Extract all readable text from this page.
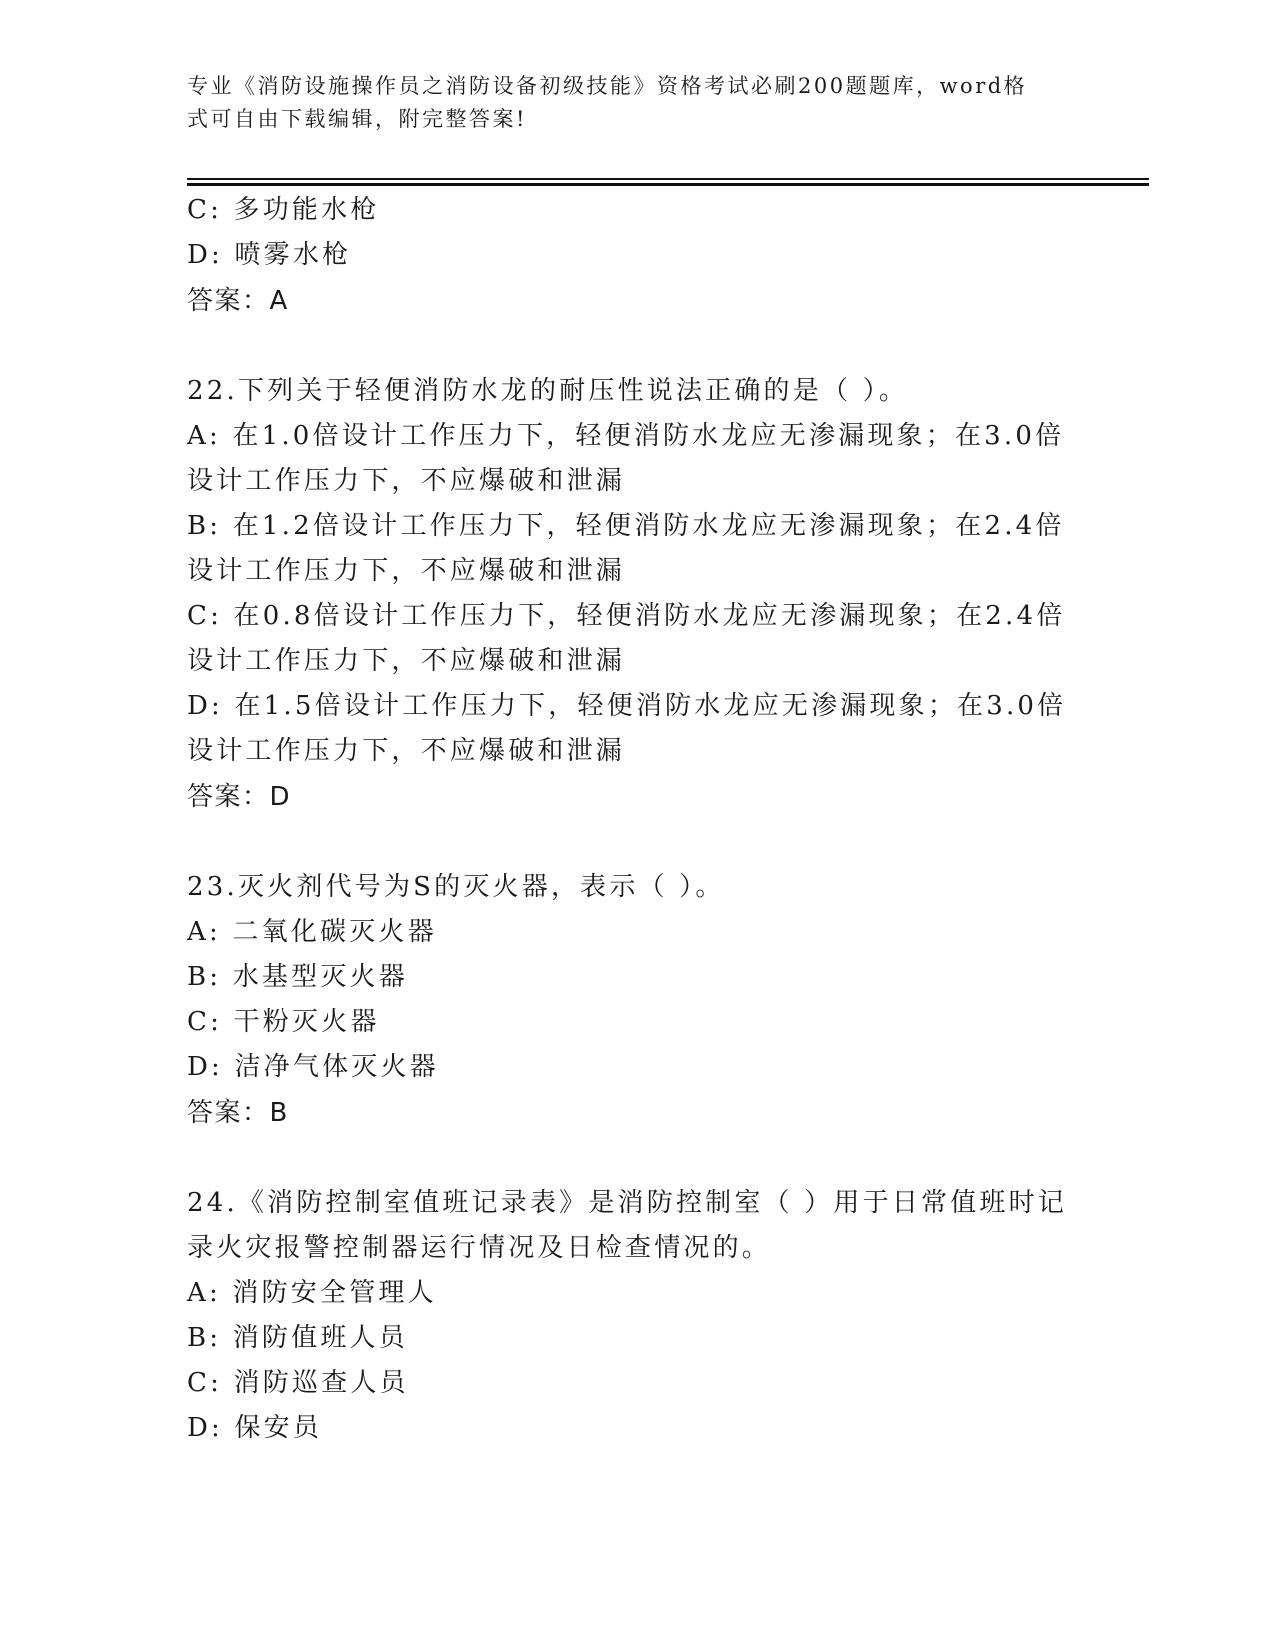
专业《消防设施操作员之消防设备初级技能》资格考试必刷200题题库，word格
式可自由下载编辑，附完整答案!
C: 多功能水枪
D: 喷雾水枪
答案：A
22.下列关于轻便消防水龙的耐压性说法正确的是（ ）。
A: 在1.0倍设计工作压力下，轻便消防水龙应无渗漏现象；在3.0倍
设计工作压力下，不应爆破和泄漏
B: 在1.2倍设计工作压力下，轻便消防水龙应无渗漏现象；在2.4倍
设计工作压力下，不应爆破和泄漏
C: 在0.8倍设计工作压力下，轻便消防水龙应无渗漏现象；在2.4倍
设计工作压力下，不应爆破和泄漏
D: 在1.5倍设计工作压力下，轻便消防水龙应无渗漏现象；在3.0倍
设计工作压力下，不应爆破和泄漏
答案：D
23.灭火剂代号为S的灭火器，表示（ ）。
A: 二氧化碳灭火器
B: 水基型灭火器
C: 干粉灭火器
D: 洁净气体灭火器
答案：B
24.《消防控制室值班记录表》是消防控制室（ ）用于日常值班时记
录火灾报警控制器运行情况及日检查情况的。
A: 消防安全管理人
B: 消防值班人员
C: 消防巡查人员
D: 保安员
